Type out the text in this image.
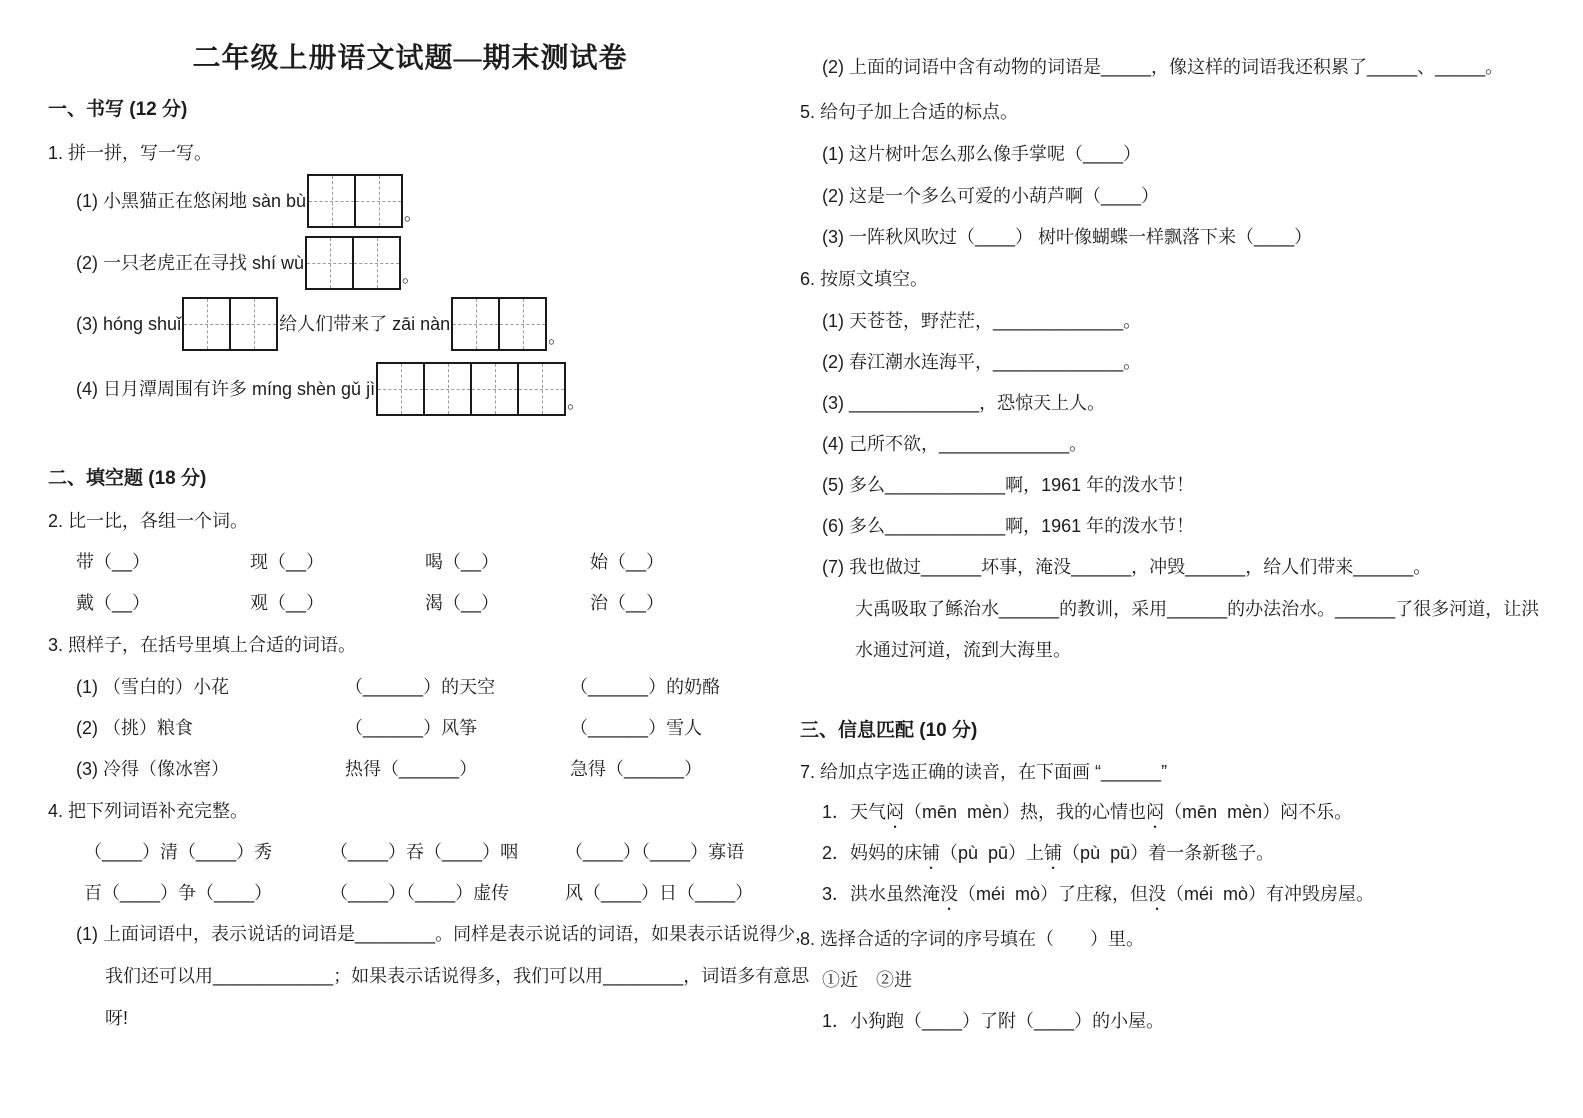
二年级上册语文试题—期末测试卷
一、书写 (12 分)
1. 拼一拼，写一写。
(1) 小黑猫正在悠闲地 sàn bù
。
(2) 一只老虎正在寻找 shí wù
。
(3) hóng shuǐ	给人们带来了 zāi nàn
。
(4) 日月潭周围有许多 míng shèn gǔ jì
。
二、填空题 (18 分)
2. 比一比，各组一个词。
带（__）	现（__）	喝（__）	始（__）
戴（__）	观（__）	渴（__）	治（__）
3. 照样子，在括号里填上合适的词语。
(1) （雪白的）小花	（______）的天空	（______）的奶酪
(2) （挑）粮食	（______）风筝	（______）雪人
(3) 冷得（像冰窖）	热得（______）	急得（______）
4. 把下列词语补充完整。
（____）清（____）秀	（____）吞（____）咽	（____）（____）寡语
百（____）争（____）	（____）（____）虚传	风（____）日（____）
(1) 上面词语中，表示说话的词语是________。同样是表示说话的词语，如果表示话说得少，
我们还可以用____________；如果表示话说得多，我们可以用________，词语多有意思
呀!
(2) 上面的词语中含有动物的词语是_____，像这样的词语我还积累了_____、_____。
5. 给句子加上合适的标点。
(1) 这片树叶怎么那么像手掌呢（____）
(2) 这是一个多么可爱的小葫芦啊（____）
(3) 一阵秋风吹过（____） 树叶像蝴蝶一样飘落下来（____）
6. 按原文填空。
(1) 天苍苍，野茫茫，_____________。
(2) 春江潮水连海平，_____________。
(3) _____________，恐惊天上人。
(4) 己所不欲，_____________。
(5) 多么____________啊，1961 年的泼水节！
(6) 多么____________啊，1961 年的泼水节！
(7) 我也做过______坏事，淹没______，冲毁______，给人们带来______。
大禹吸取了鲧治水______的教训，采用______的办法治水。______了很多河道，让洪
水通过河道，流到大海里。
三、信息匹配 (10 分)
7. 给加点字选正确的读音，在下面画 “______”
1．天气闷（mēn  mèn）热，我的心情也闷（mēn  mèn）闷不乐。
2．妈妈的床铺（pù  pū）上铺（pù  pū）着一条新毯子。
3．洪水虽然淹没（méi  mò）了庄稼，但没（méi  mò）有冲毁房屋。
8. 选择合适的字词的序号填在（　　）里。
①近　②进
1．小狗跑（____）了附（____）的小屋。
